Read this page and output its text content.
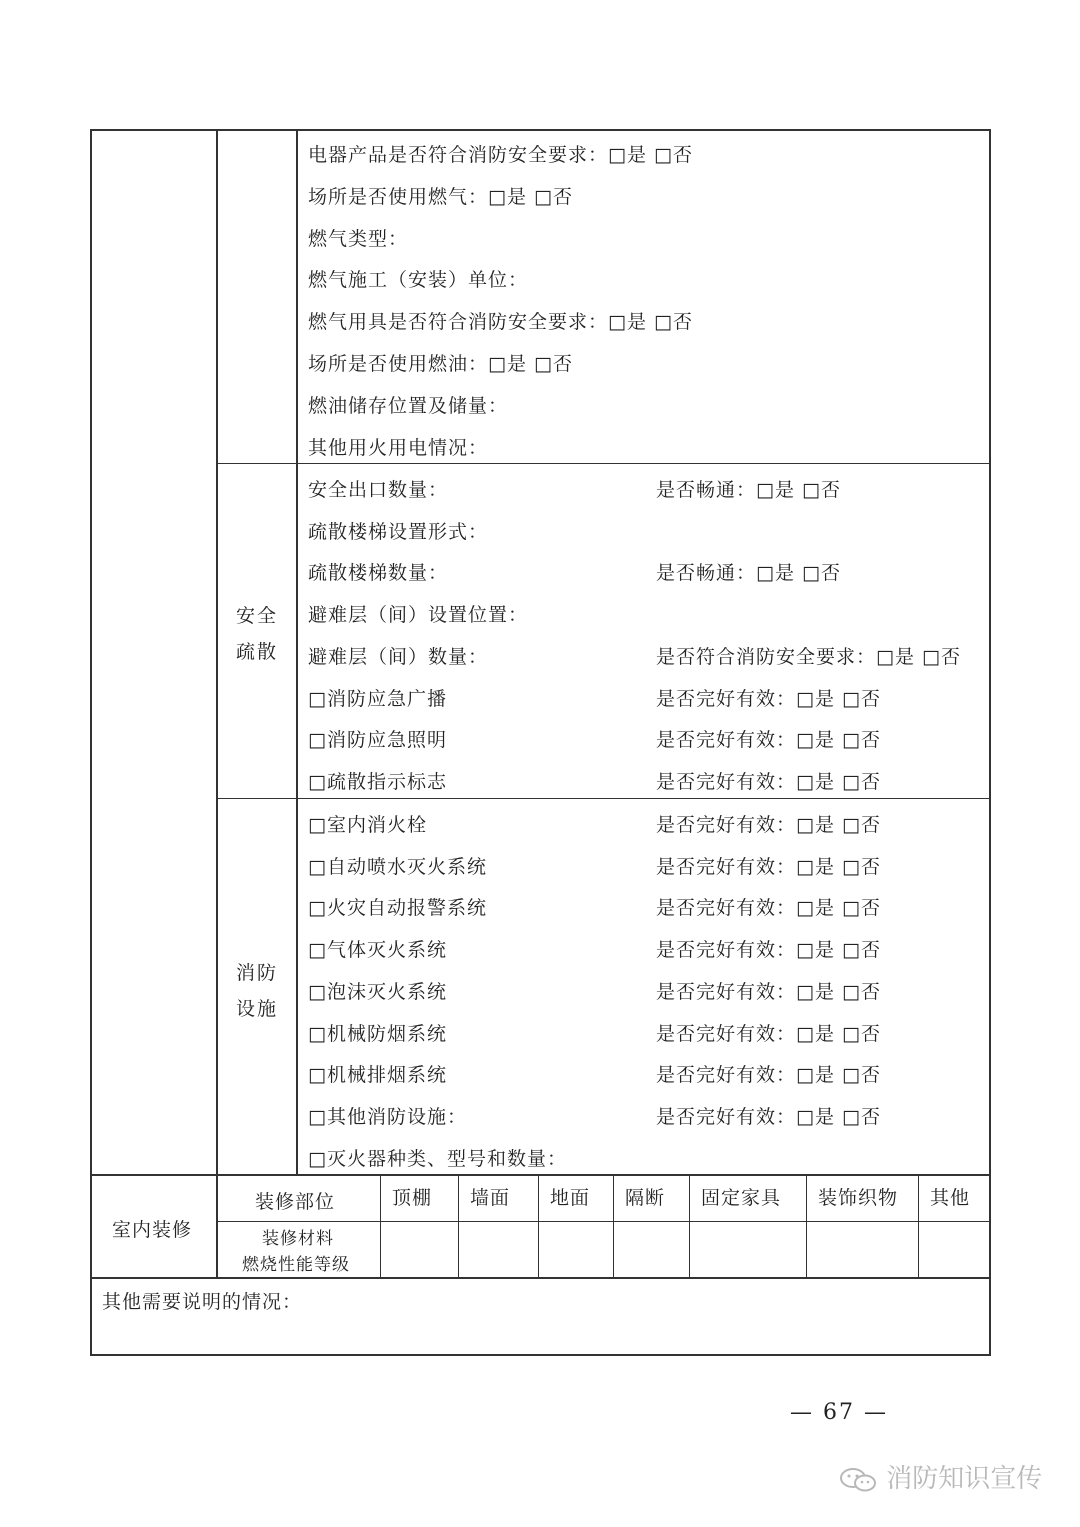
电器产品是否符合消防安全要求：□是 □否
场所是否使用燃气：□是 □否
燃气类型：
燃气施工（安装）单位：
燃气用具是否符合消防安全要求：□是 □否
场所是否使用燃油：□是 □否
燃油储存位置及储量：
其他用火用电情况：
安全
疏散
安全出口数量：	是否畅通：□是 □否
疏散楼梯设置形式：
疏散楼梯数量：	是否畅通：□是 □否
避难层（间）设置位置：
避难层（间）数量：	是否符合消防安全要求：□是 □否
□消防应急广播	是否完好有效：□是 □否
□消防应急照明	是否完好有效：□是 □否
□疏散指示标志	是否完好有效：□是 □否
消防
设施
□室内消火栓	是否完好有效：□是 □否
□自动喷水灭火系统	是否完好有效：□是 □否
□火灾自动报警系统	是否完好有效：□是 □否
□气体灭火系统	是否完好有效：□是 □否
□泡沫灭火系统	是否完好有效：□是 □否
□机械防烟系统	是否完好有效：□是 □否
□机械排烟系统	是否完好有效：□是 □否
□其他消防设施：	是否完好有效：□是 □否
□灭火器种类、型号和数量：
室内装修
装修部位	顶棚 墙面 地面 隔断 固定家具 装饰织物 其他
装修材料
燃烧性能等级
其他需要说明的情况：
— 67 —
消防知识宣传
